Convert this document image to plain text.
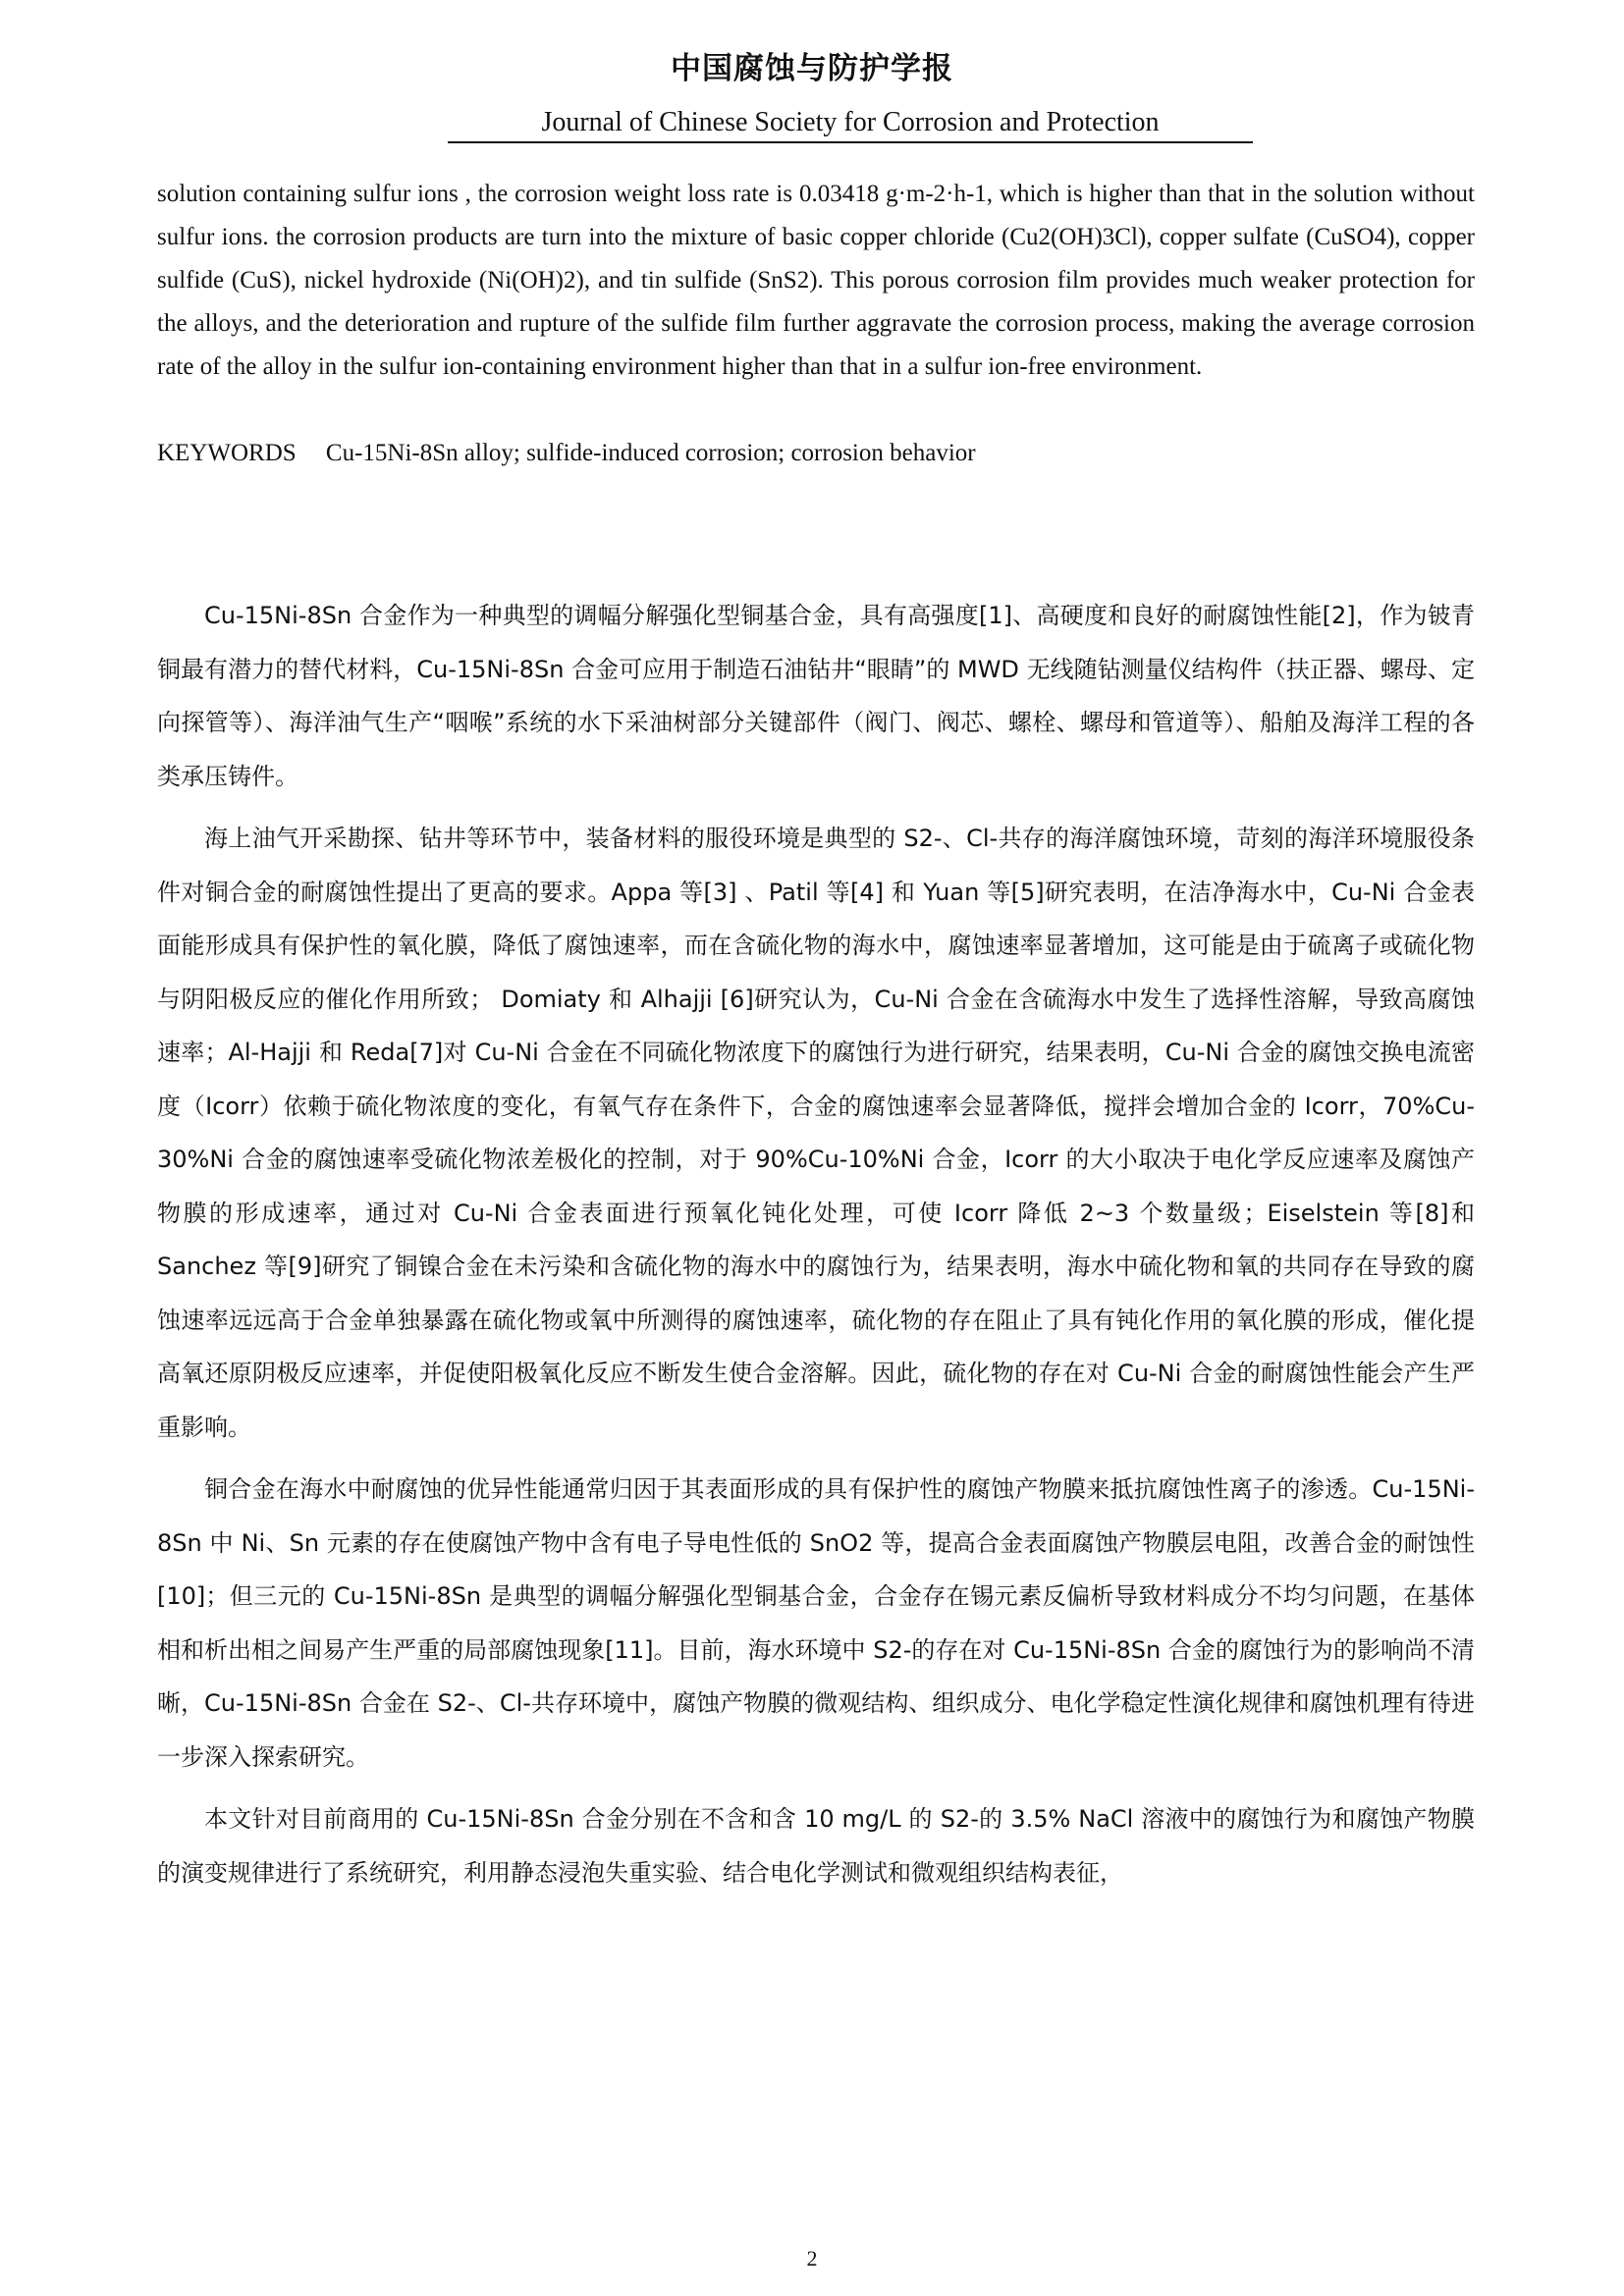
中国腐蚀与防护学报
Journal of Chinese Society for Corrosion and Protection

solution containing sulfur ions , the corrosion weight loss rate is 0.03418 g·m-2·h-1, which is higher than that in the solution without sulfur ions. the corrosion products are turn into the mixture of basic copper chloride (Cu2(OH)3Cl), copper sulfate (CuSO4), copper sulfide (CuS), nickel hydroxide (Ni(OH)2), and tin sulfide (SnS2). This porous corrosion film provides much weaker protection for the alloys, and the deterioration and rupture of the sulfide film further aggravate the corrosion process, making the average corrosion rate of the alloy in the sulfur ion-containing environment higher than that in a sulfur ion-free environment.

KEYWORDS Cu-15Ni-8Sn alloy; sulfide-induced corrosion; corrosion behavior

Cu-15Ni-8Sn 合金作为一种典型的调幅分解强化型铜基合金，具有高强度[1]、高硬度和良好的耐腐蚀性能[2]，作为铍青铜最有潜力的替代材料，Cu-15Ni-8Sn 合金可应用于制造石油钻井“眼睛”的 MWD 无线随钻测量仪结构件（扶正器、螺母、定向探管等）、海洋油气生产“咽喉”系统的水下采油树部分关键部件（阀门、阀芯、螺栓、螺母和管道等）、船舶及海洋工程的各类承压铸件。

海上油气开采勘探、钻井等环节中，装备材料的服役环境是典型的 S2-、Cl-共存的海洋腐蚀环境，苛刻的海洋环境服役条件对铜合金的耐腐蚀性提出了更高的要求。Appa 等[3] 、Patil 等[4] 和 Yuan 等[5]研究表明，在洁净海水中，Cu-Ni 合金表面能形成具有保护性的氧化膜，降低了腐蚀速率，而在含硫化物的海水中，腐蚀速率显著增加，这可能是由于硫离子或硫化物与阴阳极反应的催化作用所致； Domiaty 和 Alhajji [6]研究认为，Cu-Ni 合金在含硫海水中发生了选择性溶解，导致高腐蚀速率；Al-Hajji 和 Reda[7]对 Cu-Ni 合金在不同硫化物浓度下的腐蚀行为进行研究，结果表明，Cu-Ni 合金的腐蚀交换电流密度（Icorr）依赖于硫化物浓度的变化，有氧气存在条件下，合金的腐蚀速率会显著降低，搅拌会增加合金的 Icorr，70%Cu-30%Ni 合金的腐蚀速率受硫化物浓差极化的控制，对于 90%Cu-10%Ni 合金，Icorr 的大小取决于电化学反应速率及腐蚀产物膜的形成速率，通过对 Cu-Ni 合金表面进行预氧化钝化处理，可使 Icorr 降低 2~3 个数量级；Eiselstein 等[8]和 Sanchez 等[9]研究了铜镍合金在未污染和含硫化物的海水中的腐蚀行为，结果表明，海水中硫化物和氧的共同存在导致的腐蚀速率远远高于合金单独暴露在硫化物或氧中所测得的腐蚀速率，硫化物的存在阻止了具有钝化作用的氧化膜的形成，催化提高氧还原阴极反应速率，并促使阳极氧化反应不断发生使合金溶解。因此，硫化物的存在对 Cu-Ni 合金的耐腐蚀性能会产生严重影响。

铜合金在海水中耐腐蚀的优异性能通常归因于其表面形成的具有保护性的腐蚀产物膜来抵抗腐蚀性离子的渗透。Cu-15Ni-8Sn 中 Ni、Sn 元素的存在使腐蚀产物中含有电子导电性低的 SnO2 等，提高合金表面腐蚀产物膜层电阻，改善合金的耐蚀性[10]；但三元的 Cu-15Ni-8Sn 是典型的调幅分解强化型铜基合金，合金存在锡元素反偏析导致材料成分不均匀问题，在基体相和析出相之间易产生严重的局部腐蚀现象[11]。目前，海水环境中 S2-的存在对 Cu-15Ni-8Sn 合金的腐蚀行为的影响尚不清晰，Cu-15Ni-8Sn 合金在 S2-、Cl-共存环境中，腐蚀产物膜的微观结构、组织成分、电化学稳定性演化规律和腐蚀机理有待进一步深入探索研究。

本文针对目前商用的 Cu-15Ni-8Sn 合金分别在不含和含 10 mg/L 的 S2-的 3.5% NaCl 溶液中的腐蚀行为和腐蚀产物膜的演变规律进行了系统研究，利用静态浸泡失重实验、结合电化学测试和微观组织结构表征，

2
